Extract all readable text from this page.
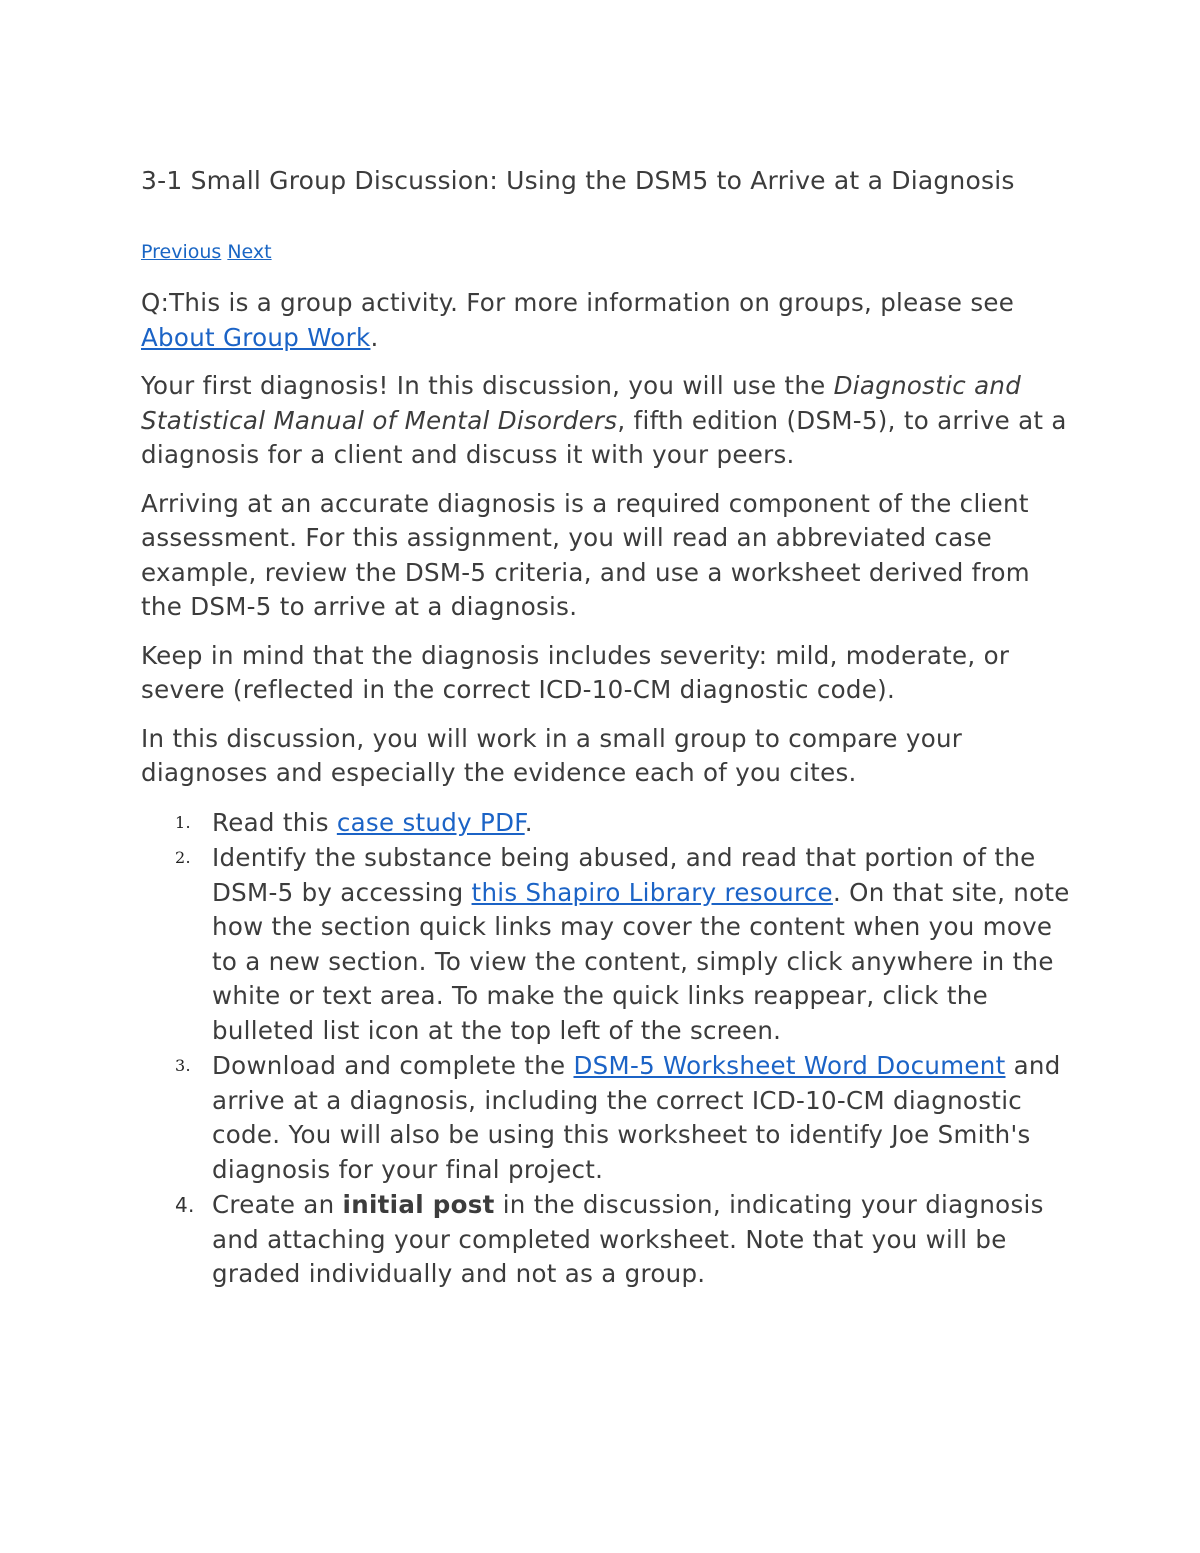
3-1 Small Group Discussion: Using the DSM5 to Arrive at a Diagnosis
Previous Next

Q:This is a group activity. For more information on groups, please see About Group Work.

Your first diagnosis! In this discussion, you will use the Diagnostic and Statistical Manual of Mental Disorders, fifth edition (DSM-5), to arrive at a diagnosis for a client and discuss it with your peers.

Arriving at an accurate diagnosis is a required component of the client assessment. For this assignment, you will read an abbreviated case example, review the DSM-5 criteria, and use a worksheet derived from the DSM-5 to arrive at a diagnosis.

Keep in mind that the diagnosis includes severity: mild, moderate, or severe (reflected in the correct ICD-10-CM diagnostic code).

In this discussion, you will work in a small group to compare your diagnoses and especially the evidence each of you cites.

1. Read this case study PDF.
2. Identify the substance being abused, and read that portion of the DSM-5 by accessing this Shapiro Library resource. On that site, note how the section quick links may cover the content when you move to a new section. To view the content, simply click anywhere in the white or text area. To make the quick links reappear, click the bulleted list icon at the top left of the screen.
3. Download and complete the DSM-5 Worksheet Word Document and arrive at a diagnosis, including the correct ICD-10-CM diagnostic code. You will also be using this worksheet to identify Joe Smith's diagnosis for your final project.
4. Create an initial post in the discussion, indicating your diagnosis and attaching your completed worksheet. Note that you will be graded individually and not as a group.
